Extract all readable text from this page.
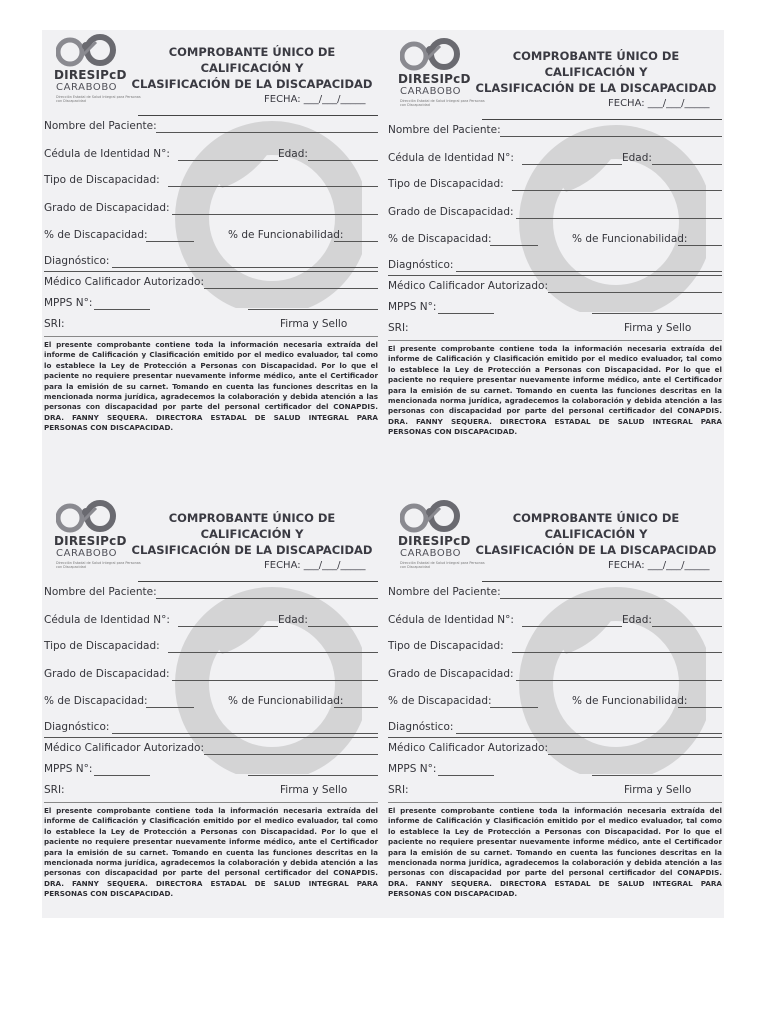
DIRESIPcD
CARABOBO
Dirección Estadal de Salud Integral para Personas con Discapacidad
COMPROBANTE ÚNICO DE CALIFICACIÓN Y
CLASIFICACIÓN DE LA DISCAPACIDAD
FECHA: ___/___/_____
Nombre del Paciente:
Cédula de Identidad N°:	Edad:
Tipo de Discapacidad:
Grado de Discapacidad:
% de Discapacidad:	% de Funcionabilidad:
Diagnóstico:
Médico Calificador Autorizado:
MPPS N°:
SRI:	Firma y Sello
El presente comprobante contiene toda la información necesaria extraída del informe de Calificación y Clasificación emitido por el medico evaluador, tal como lo establece la Ley de Protección a Personas con Discapacidad. Por lo que el paciente no requiere presentar nuevamente informe médico, ante el Certificador para la emisión de su carnet. Tomando en cuenta las funciones descritas en la mencionada norma jurídica, agradecemos la colaboración y debida atención a las personas con discapacidad por parte del personal certificador del CONAPDIS. DRA. FANNY SEQUERA. DIRECTORA ESTADAL DE SALUD INTEGRAL PARA PERSONAS CON DISCAPACIDAD.
DIRESIPcD
CARABOBO
Dirección Estadal de Salud Integral para Personas con Discapacidad
COMPROBANTE ÚNICO DE CALIFICACIÓN Y
CLASIFICACIÓN DE LA DISCAPACIDAD
FECHA: ___/___/_____
Nombre del Paciente:
Cédula de Identidad N°:	Edad:
Tipo de Discapacidad:
Grado de Discapacidad:
% de Discapacidad:	% de Funcionabilidad:
Diagnóstico:
Médico Calificador Autorizado:
MPPS N°:
SRI:	Firma y Sello
El presente comprobante contiene toda la información necesaria extraída del informe de Calificación y Clasificación emitido por el medico evaluador, tal como lo establece la Ley de Protección a Personas con Discapacidad. Por lo que el paciente no requiere presentar nuevamente informe médico, ante el Certificador para la emisión de su carnet. Tomando en cuenta las funciones descritas en la mencionada norma jurídica, agradecemos la colaboración y debida atención a las personas con discapacidad por parte del personal certificador del CONAPDIS. DRA. FANNY SEQUERA. DIRECTORA ESTADAL DE SALUD INTEGRAL PARA PERSONAS CON DISCAPACIDAD.
DIRESIPcD
CARABOBO
Dirección Estadal de Salud Integral para Personas con Discapacidad
COMPROBANTE ÚNICO DE CALIFICACIÓN Y
CLASIFICACIÓN DE LA DISCAPACIDAD
FECHA: ___/___/_____
Nombre del Paciente:
Cédula de Identidad N°:	Edad:
Tipo de Discapacidad:
Grado de Discapacidad:
% de Discapacidad:	% de Funcionabilidad:
Diagnóstico:
Médico Calificador Autorizado:
MPPS N°:
SRI:	Firma y Sello
El presente comprobante contiene toda la información necesaria extraída del informe de Calificación y Clasificación emitido por el medico evaluador, tal como lo establece la Ley de Protección a Personas con Discapacidad. Por lo que el paciente no requiere presentar nuevamente informe médico, ante el Certificador para la emisión de su carnet. Tomando en cuenta las funciones descritas en la mencionada norma jurídica, agradecemos la colaboración y debida atención a las personas con discapacidad por parte del personal certificador del CONAPDIS. DRA. FANNY SEQUERA. DIRECTORA ESTADAL DE SALUD INTEGRAL PARA PERSONAS CON DISCAPACIDAD.
DIRESIPcD
CARABOBO
Dirección Estadal de Salud Integral para Personas con Discapacidad
COMPROBANTE ÚNICO DE CALIFICACIÓN Y
CLASIFICACIÓN DE LA DISCAPACIDAD
FECHA: ___/___/_____
Nombre del Paciente:
Cédula de Identidad N°:	Edad:
Tipo de Discapacidad:
Grado de Discapacidad:
% de Discapacidad:	% de Funcionabilidad:
Diagnóstico:
Médico Calificador Autorizado:
MPPS N°:
SRI:	Firma y Sello
El presente comprobante contiene toda la información necesaria extraída del informe de Calificación y Clasificación emitido por el medico evaluador, tal como lo establece la Ley de Protección a Personas con Discapacidad. Por lo que el paciente no requiere presentar nuevamente informe médico, ante el Certificador para la emisión de su carnet. Tomando en cuenta las funciones descritas en la mencionada norma jurídica, agradecemos la colaboración y debida atención a las personas con discapacidad por parte del personal certificador del CONAPDIS. DRA. FANNY SEQUERA. DIRECTORA ESTADAL DE SALUD INTEGRAL PARA PERSONAS CON DISCAPACIDAD.
